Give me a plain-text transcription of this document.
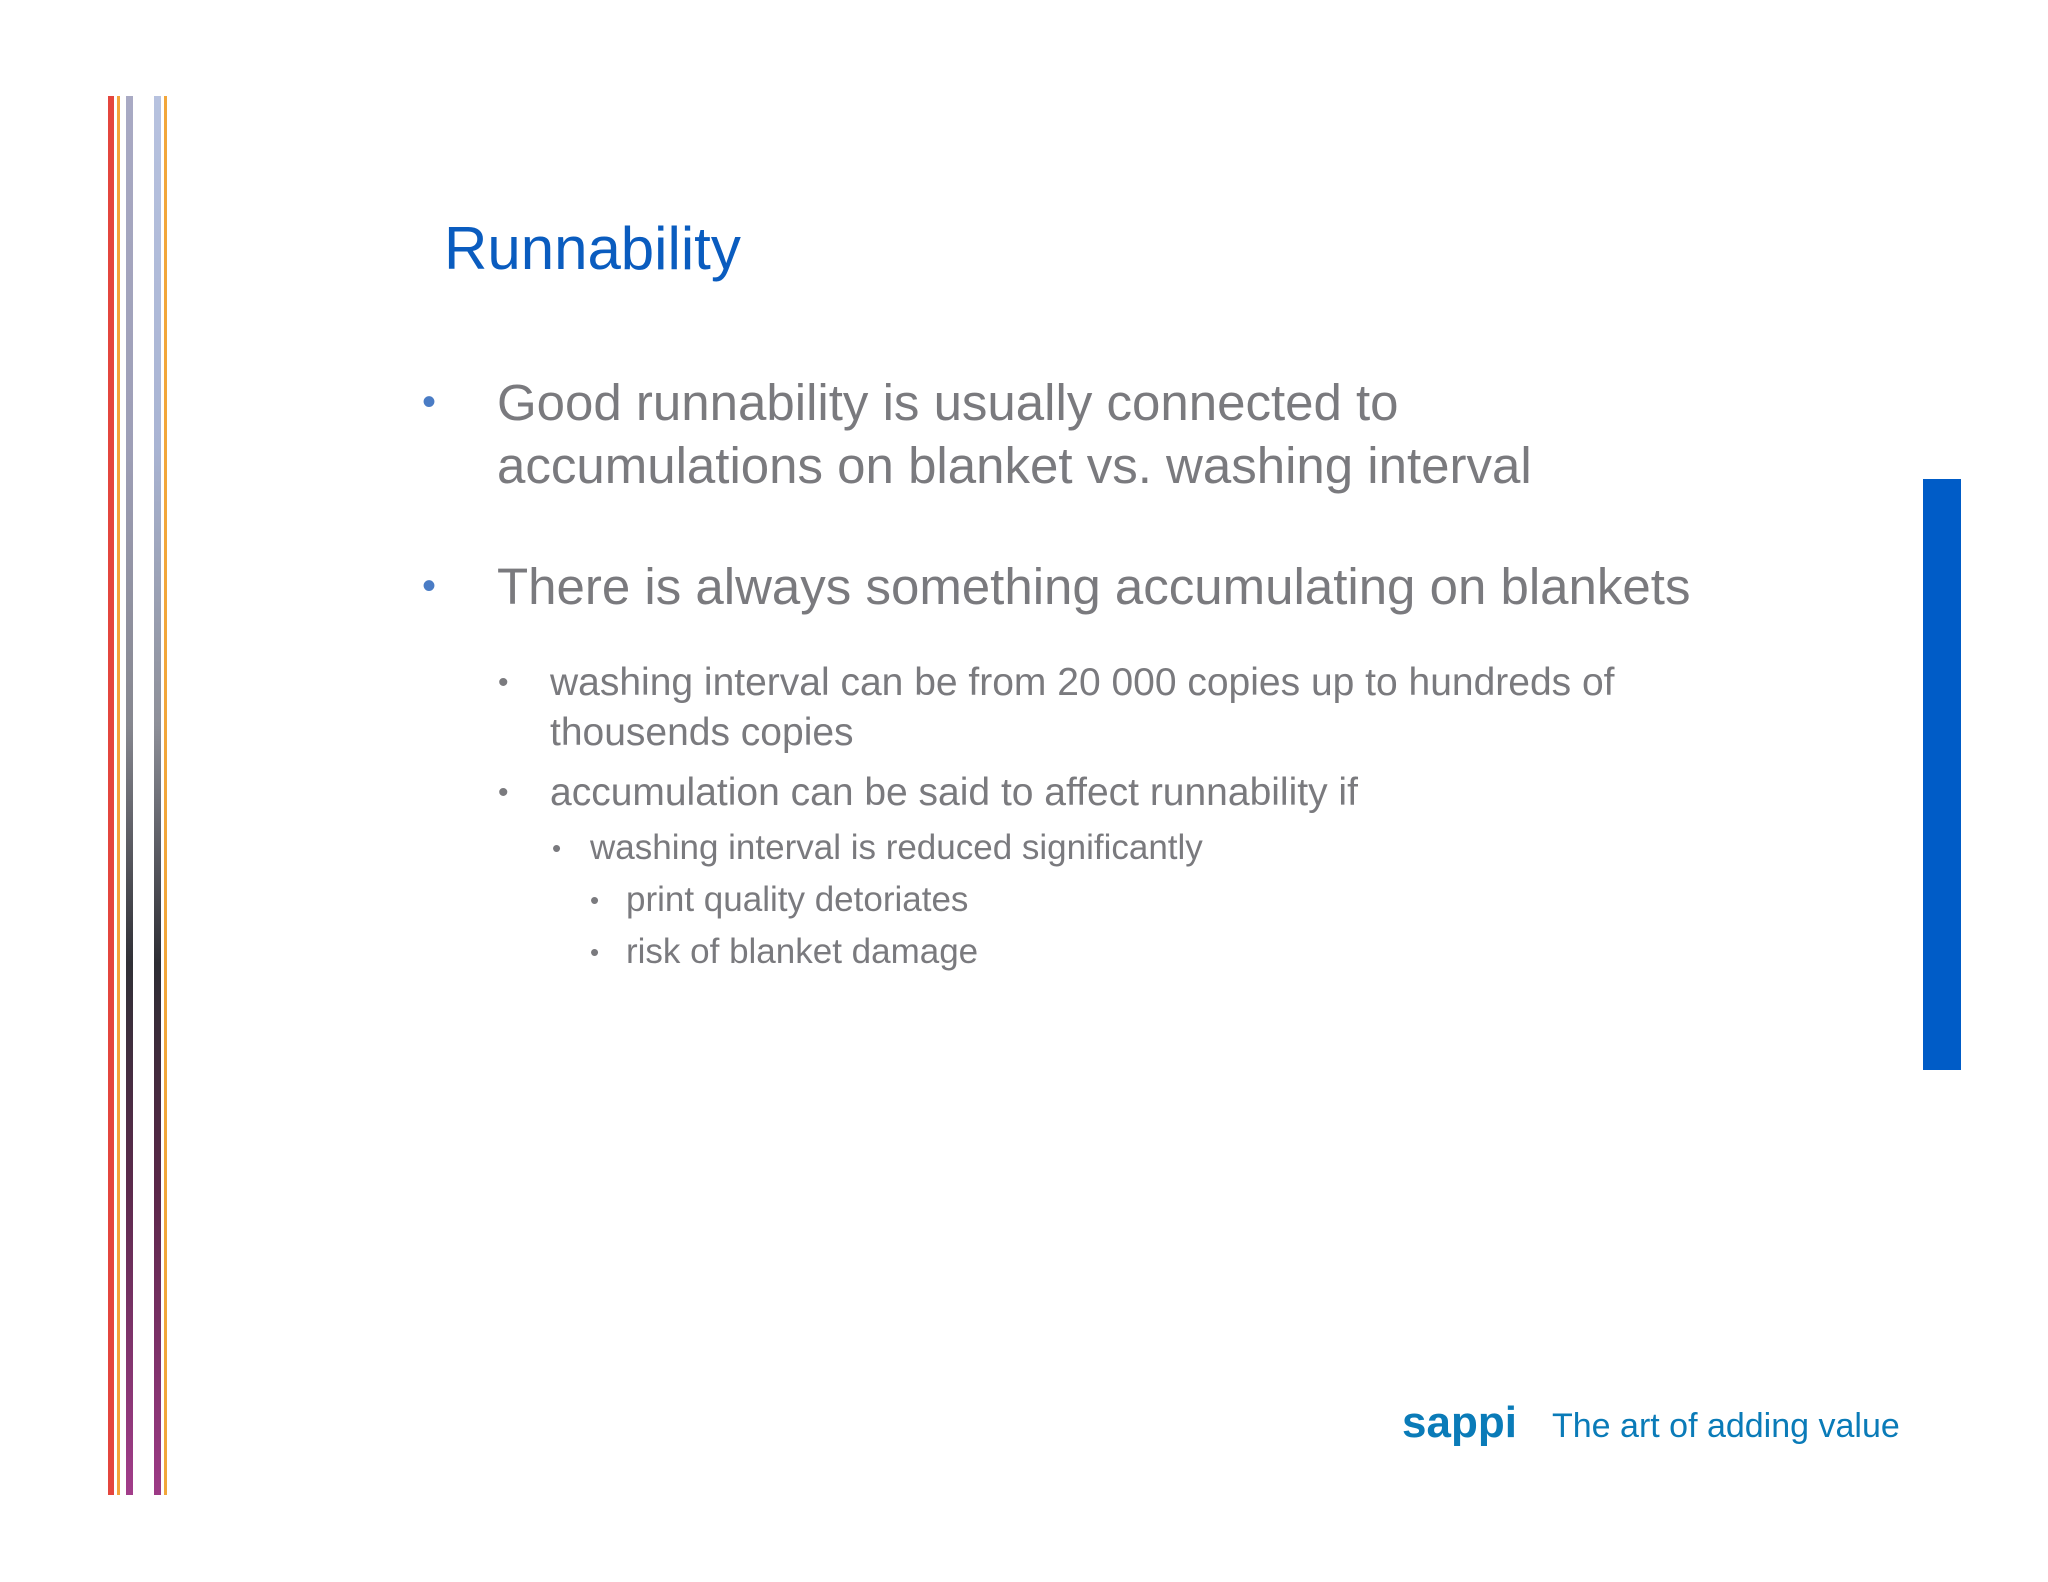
Runnability
• Good runnability is usually connected to
accumulations on blanket vs. washing interval
• There is always something accumulating on blankets
• washing interval can be from 20 000 copies up to hundreds of
thousends copies
• accumulation can be said to affect runnability if
• washing interval is reduced significantly
• print quality detoriates
• risk of blanket damage
sappi The art of adding value
